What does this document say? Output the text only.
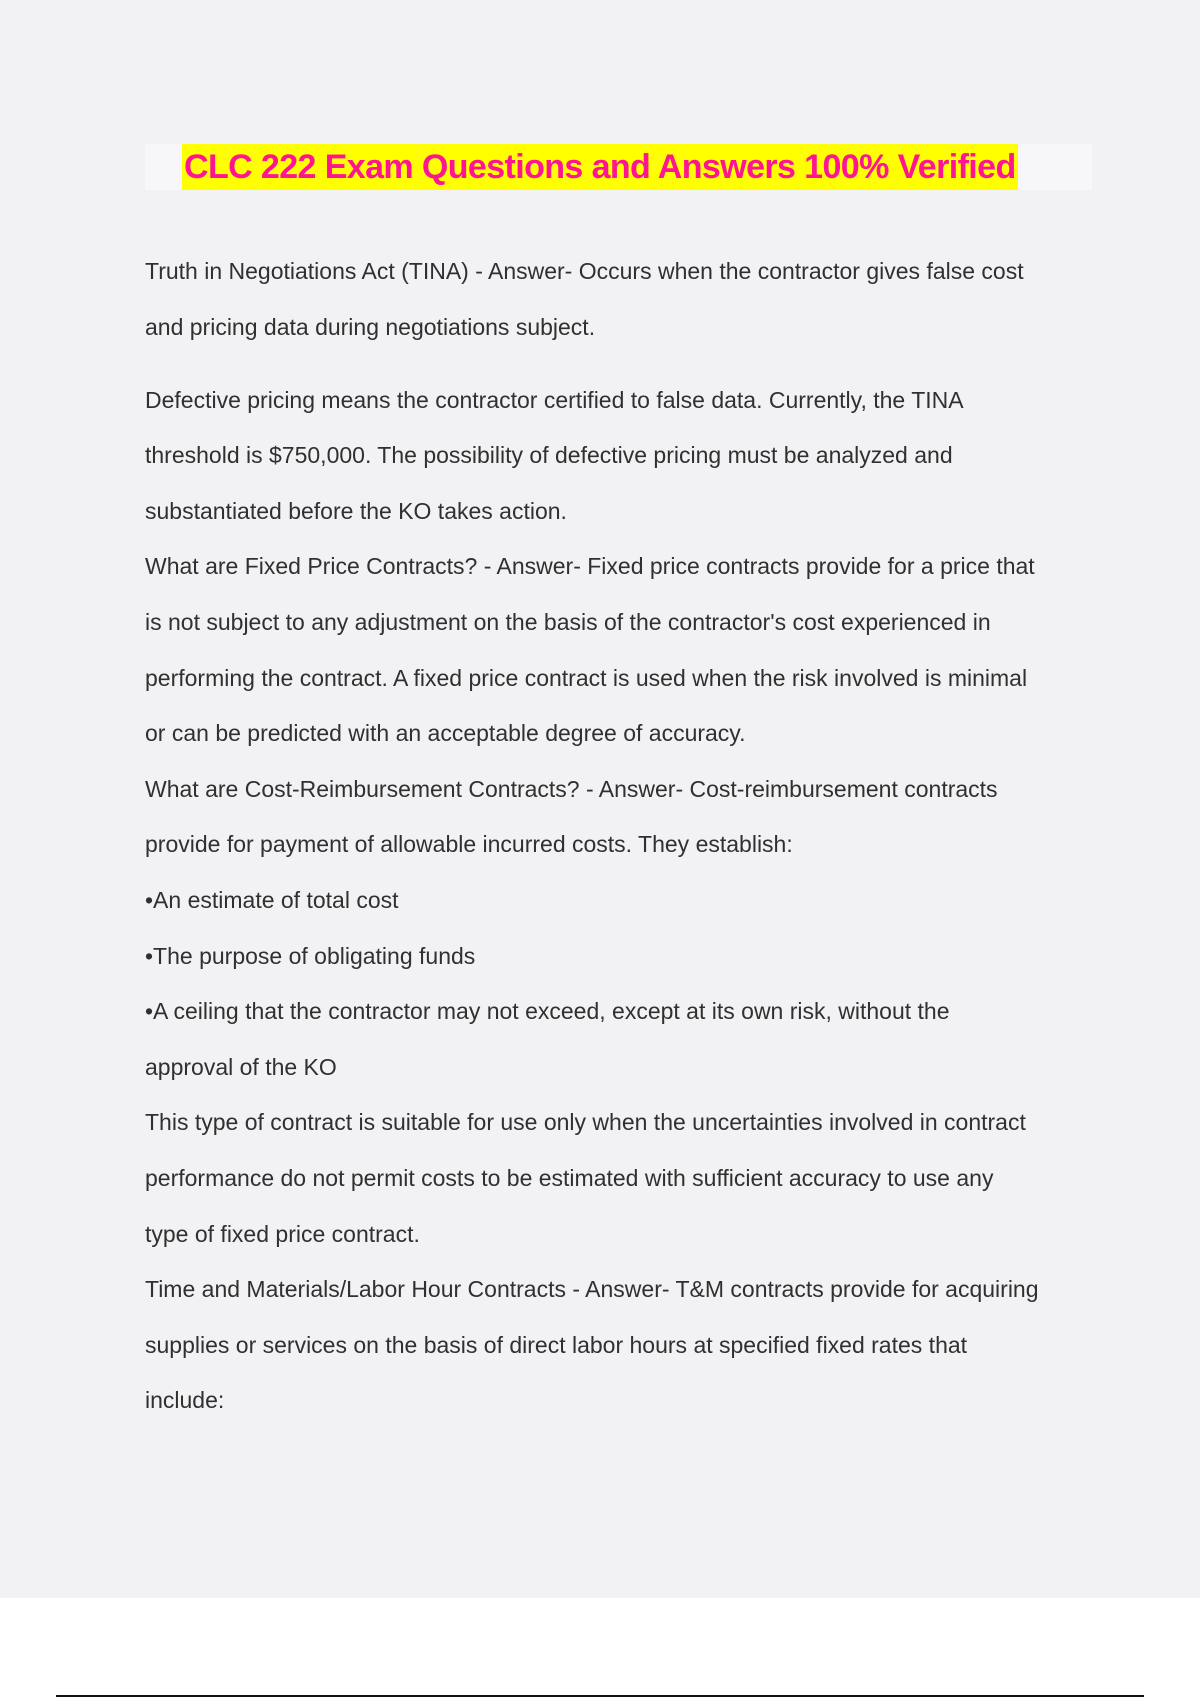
CLC 222 Exam Questions and Answers 100% Verified

Truth in Negotiations Act (TINA) - Answer- Occurs when the contractor gives false cost

and pricing data during negotiations subject.

Defective pricing means the contractor certified to false data. Currently, the TINA

threshold is $750,000. The possibility of defective pricing must be analyzed and

substantiated before the KO takes action.

What are Fixed Price Contracts? - Answer- Fixed price contracts provide for a price that

is not subject to any adjustment on the basis of the contractor's cost experienced in

performing the contract. A fixed price contract is used when the risk involved is minimal

or can be predicted with an acceptable degree of accuracy.

What are Cost-Reimbursement Contracts? - Answer- Cost-reimbursement contracts

provide for payment of allowable incurred costs. They establish:

•An estimate of total cost

•The purpose of obligating funds

•A ceiling that the contractor may not exceed, except at its own risk, without the

approval of the KO

This type of contract is suitable for use only when the uncertainties involved in contract

performance do not permit costs to be estimated with sufficient accuracy to use any

type of fixed price contract.

Time and Materials/Labor Hour Contracts - Answer- T&M contracts provide for acquiring

supplies or services on the basis of direct labor hours at specified fixed rates that

include:
